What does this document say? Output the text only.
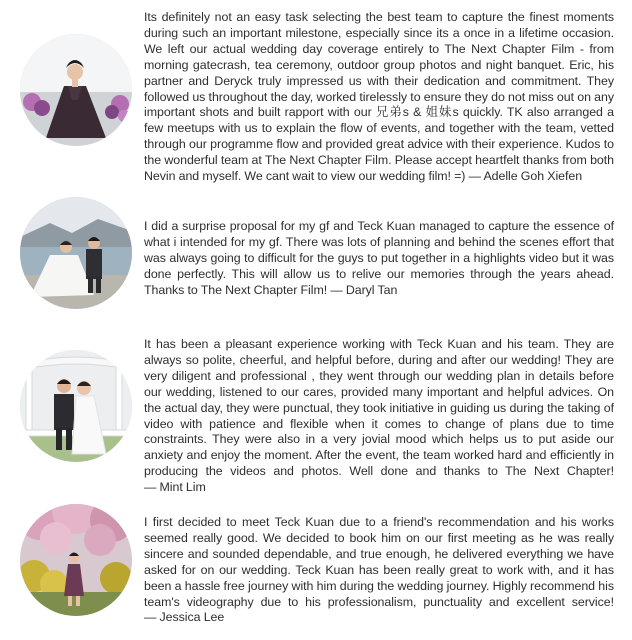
Its definitely not an easy task selecting the best team to capture the finest moments during such an important milestone, especially since its a once in a lifetime occasion. We left our actual wedding day coverage entirely to The Next Chapter Film - from morning gatecrash, tea ceremony, outdoor group photos and night banquet. Eric, his partner and Deryck truly impressed us with their dedication and commitment. They followed us throughout the day, worked tirelessly to ensure they do not miss out on any important shots and built rapport with our 兄弟s & 姐妹s quickly. TK also arranged a few meetups with us to explain the flow of events, and together with the team, vetted through our programme flow and provided great advice with their experience. Kudos to the wonderful team at The Next Chapter Film. Please accept heartfelt thanks from both Nevin and myself. We cant wait to view our wedding film! =) — Adelle Goh Xiefen

I did a surprise proposal for my gf and Teck Kuan managed to capture the essence of what i intended for my gf. There was lots of planning and behind the scenes effort that was always going to difficult for the guys to put together in a highlights video but it was done perfectly. This will allow us to relive our memories through the years ahead. Thanks to The Next Chapter Film! — Daryl Tan

It has been a pleasant experience working with Teck Kuan and his team. They are always so polite, cheerful, and helpful before, during and after our wedding! They are very diligent and professional , they went through our wedding plan in details before our wedding, listened to our cares, provided many important and helpful advices. On the actual day, they were punctual, they took initiative in guiding us during the taking of video with patience and flexible when it comes to change of plans due to time constraints. They were also in a very jovial mood which helps us to put aside our anxiety and enjoy the moment. After the event, the team worked hard and efficiently in producing the videos and photos. Well done and thanks to The Next Chapter! — Mint Lim

I first decided to meet Teck Kuan due to a friend's recommendation and his works seemed really good. We decided to book him on our first meeting as he was really sincere and sounded dependable, and true enough, he delivered everything we have asked for on our wedding. Teck Kuan has been really great to work with, and it has been a hassle free journey with him during the wedding journey. Highly recommend his team's videography due to his professionalism, punctuality and excellent service! — Jessica Lee
